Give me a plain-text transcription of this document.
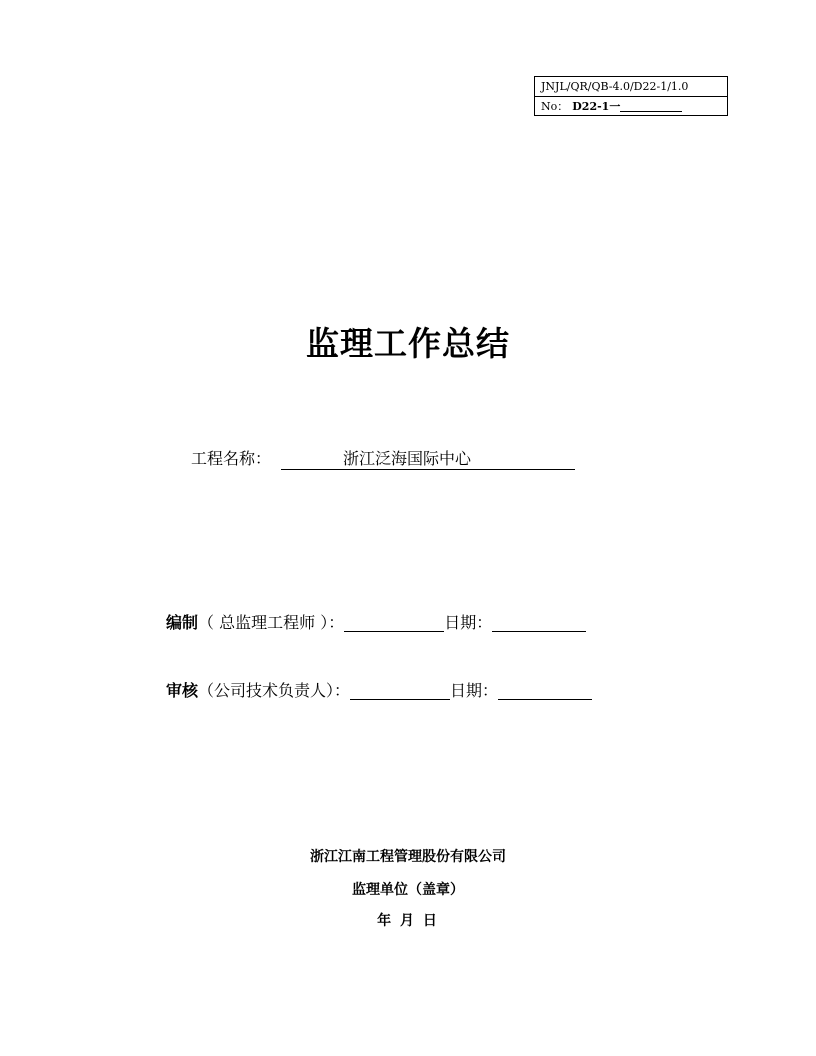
JNJL/QR/QB-4.0/D22-1/1.0
No： D22-1一
监理工作总结
工程名称：	浙江泛海国际中心
编制（ 总监理工程师 ）：	日期：
审核（公司技术负责人）：	日期：
浙江江南工程管理股份有限公司
监理单位（盖章）
年 月 日
